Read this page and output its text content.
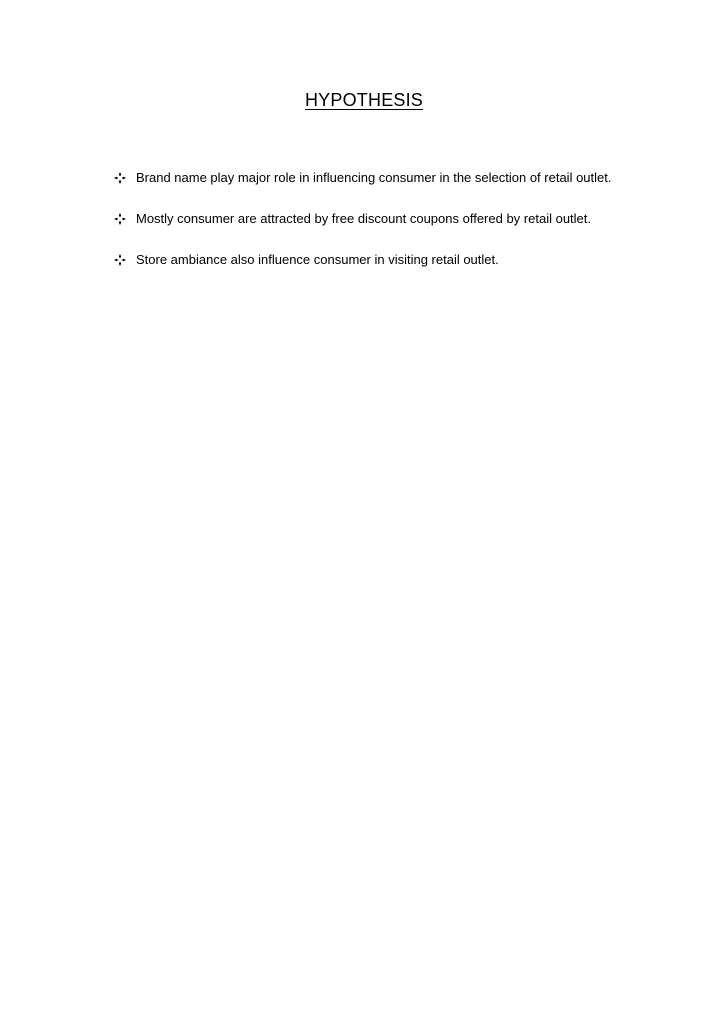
HYPOTHESIS
Brand name play major role in influencing consumer in the selection of retail outlet.
Mostly consumer are attracted by free discount coupons offered by retail outlet.
Store ambiance also influence consumer in visiting retail outlet.
